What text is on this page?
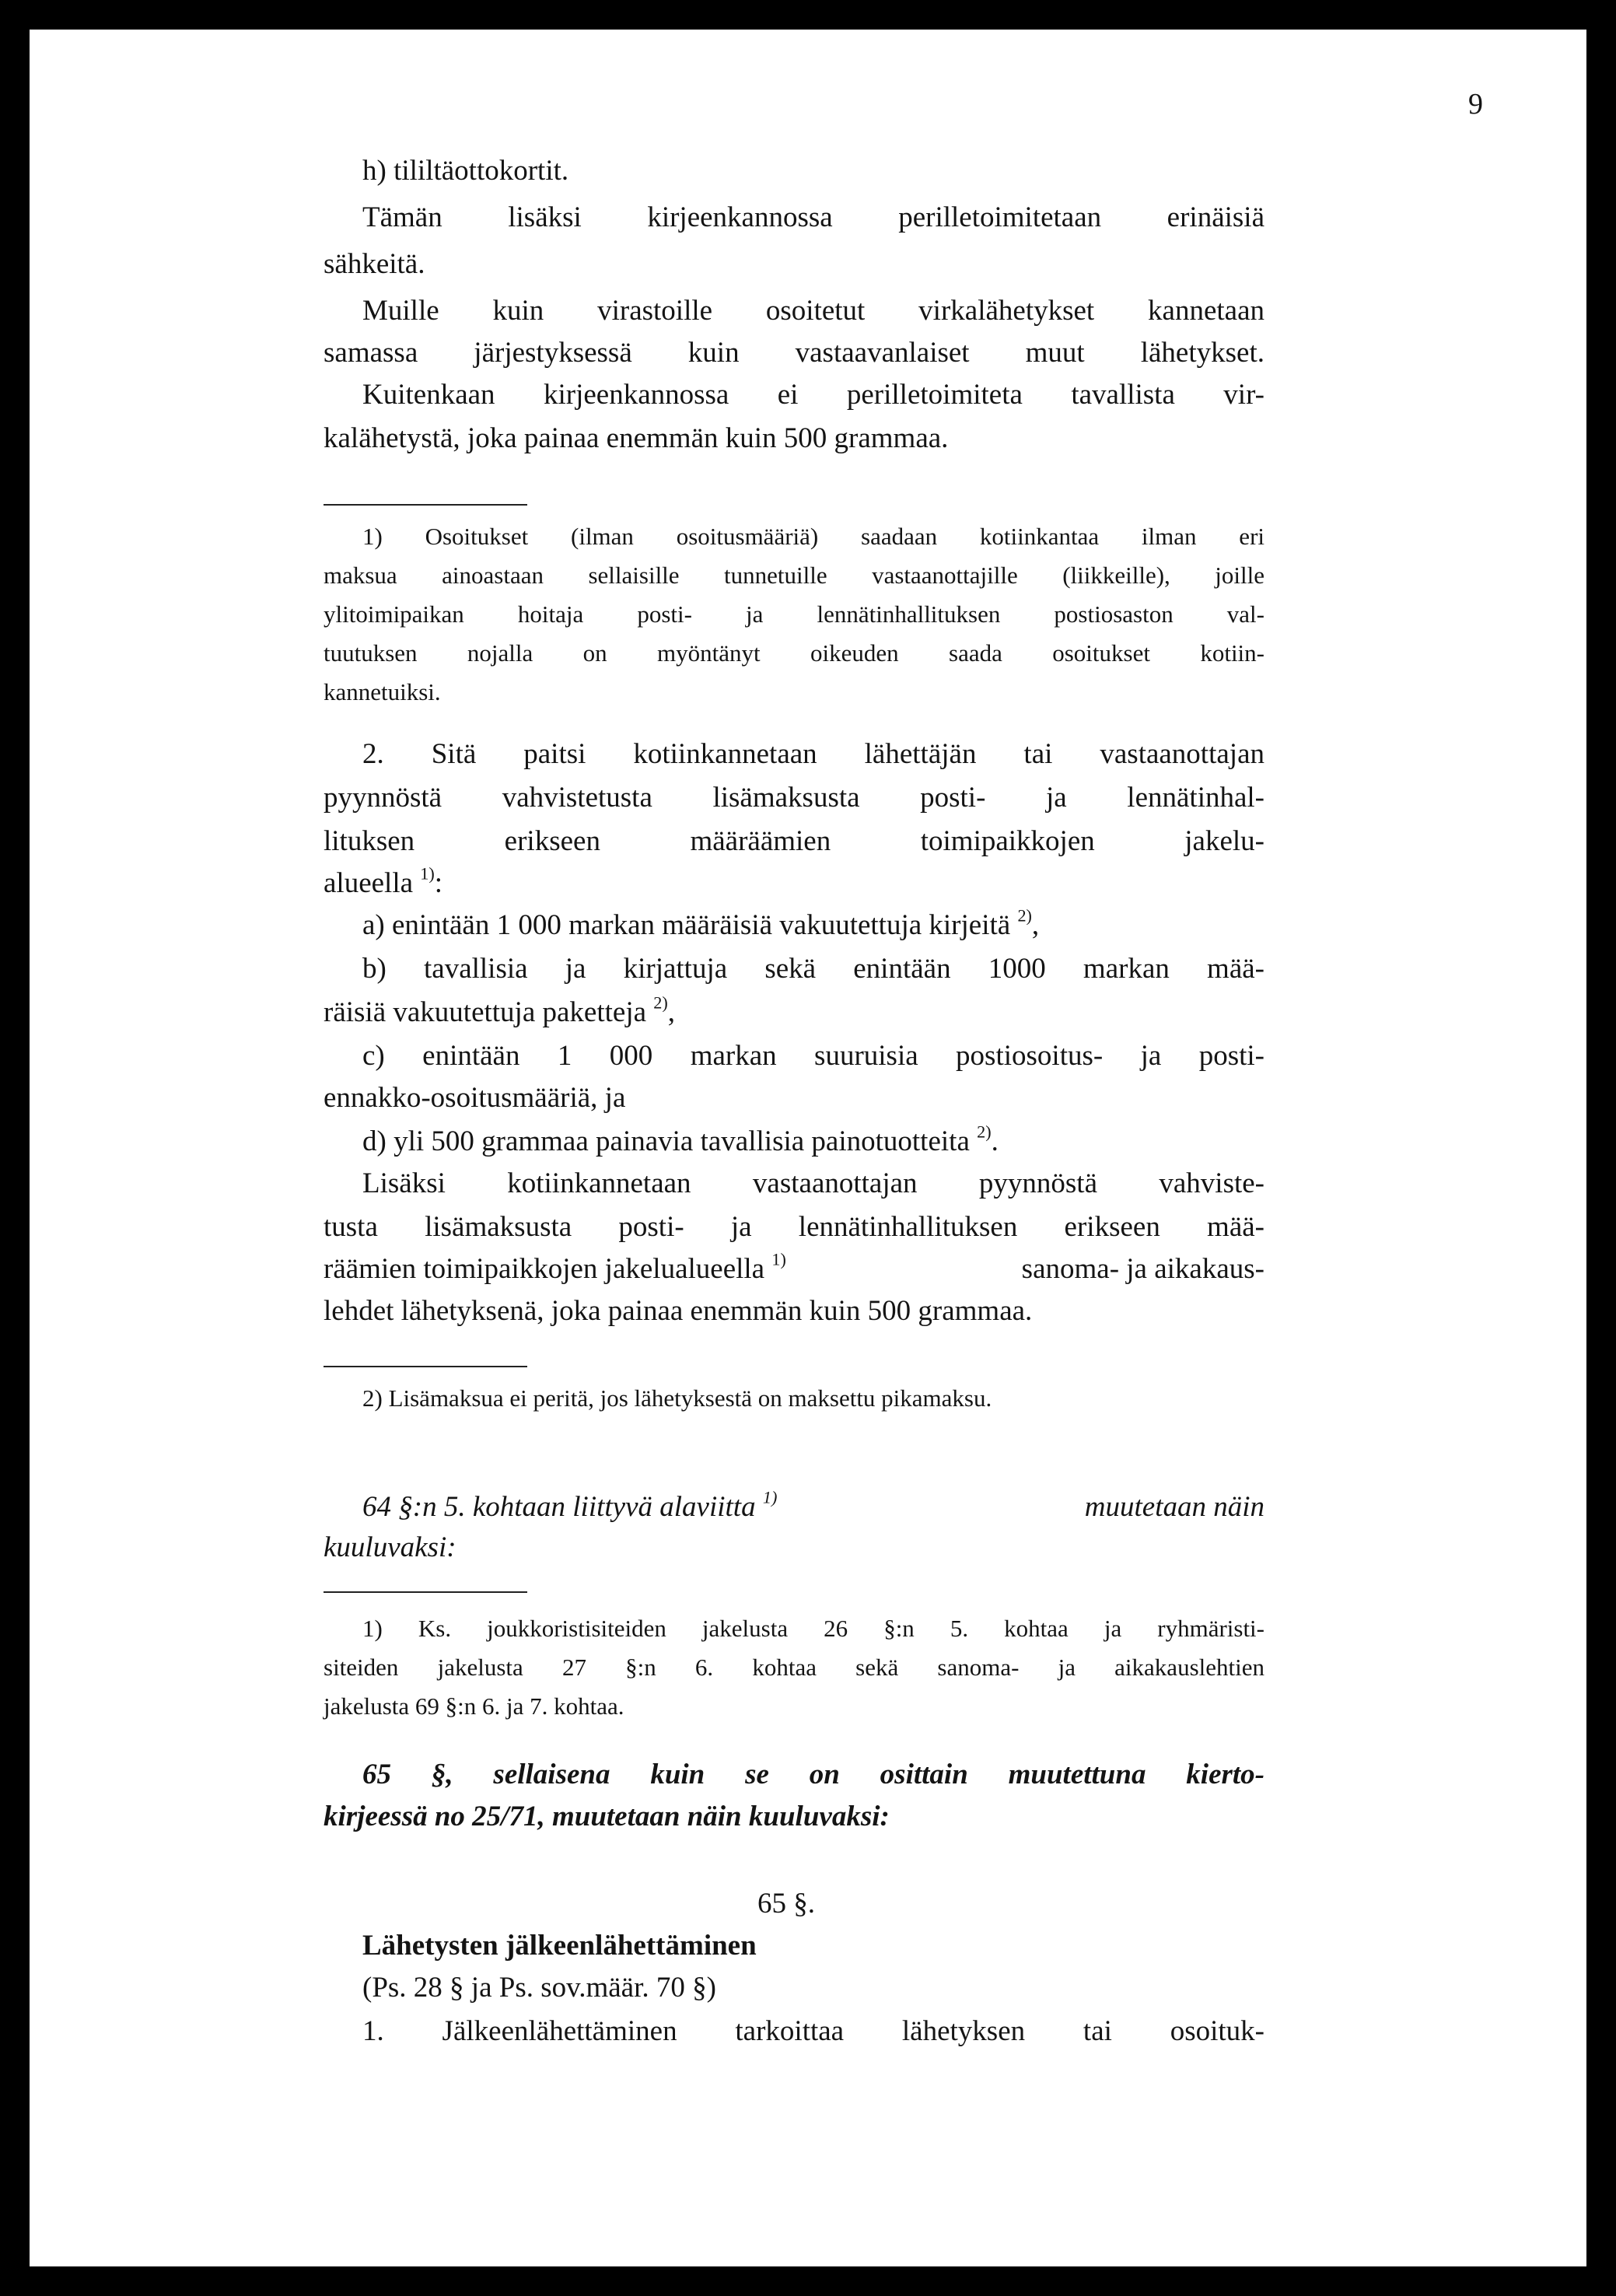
9
h) tililtäottokortit.
Tämän lisäksi kirjeenkannossa perilletoimitetaan erinäisiä
sähkeitä.
Muille kuin virastoille osoitetut virkalähetykset kannetaan
samassa järjestyksessä kuin vastaavanlaiset muut lähetykset.
Kuitenkaan kirjeenkannossa ei perilletoimiteta tavallista vir-
kalähetystä, joka painaa enemmän kuin 500 grammaa.
1) Osoitukset (ilman osoitusmääriä) saadaan kotiinkantaa ilman eri
maksua ainoastaan sellaisille tunnetuille vastaanottajille (liikkeille), joille
ylitoimipaikan hoitaja posti- ja lennätinhallituksen postiosaston val-
tuutuksen nojalla on myöntänyt oikeuden saada osoitukset kotiin-
kannetuiksi.
2. Sitä paitsi kotiinkannetaan lähettäjän tai vastaanottajan
pyynnöstä vahvistetusta lisämaksusta posti- ja lennätinhal-
lituksen erikseen määräämien toimipaikkojen jakelu-
alueella $^{1)}$:
a) enintään 1 000 markan määräisiä vakuutettuja kirjeitä $^{2)}$,
b) tavallisia ja kirjattuja sekä enintään 1000 markan mää-
räisiä vakuutettuja paketteja $^{2)}$,
c) enintään 1 000 markan suuruisia postiosoitus- ja posti-
ennakko-osoitusmääriä, ja
d) yli 500 grammaa painavia tavallisia painotuotteita $^{2)}$.
Lisäksi kotiinkannetaan vastaanottajan pyynnöstä vahviste-
tusta lisämaksusta posti- ja lennätinhallituksen erikseen mää-
räämien toimipaikkojen jakelualueella $^{1)}$	sanoma- ja aikakaus-
lehdet lähetyksenä, joka painaa enemmän kuin 500 grammaa.
2) Lisämaksua ei peritä, jos lähetyksestä on maksettu pikamaksu.
64 §:n 5. kohtaan liittyvä alaviitta $^{1)}$	muutetaan näin
kuuluvaksi:
1) Ks. joukkoristisiteiden jakelusta 26 §:n 5. kohtaa ja ryhmäristi-
siteiden jakelusta 27 §:n 6. kohtaa sekä sanoma- ja aikakauslehtien
jakelusta 69 §:n 6. ja 7. kohtaa.
65 §, sellaisena kuin se on osittain muutettuna kierto-
kirjeessä no 25/71, muutetaan näin kuuluvaksi:
65 §.
Lähetysten jälkeenlähettäminen
(Ps. 28 § ja Ps. sov.määr. 70 §)
1. Jälkeenlähettäminen tarkoittaa lähetyksen tai osoituk-
